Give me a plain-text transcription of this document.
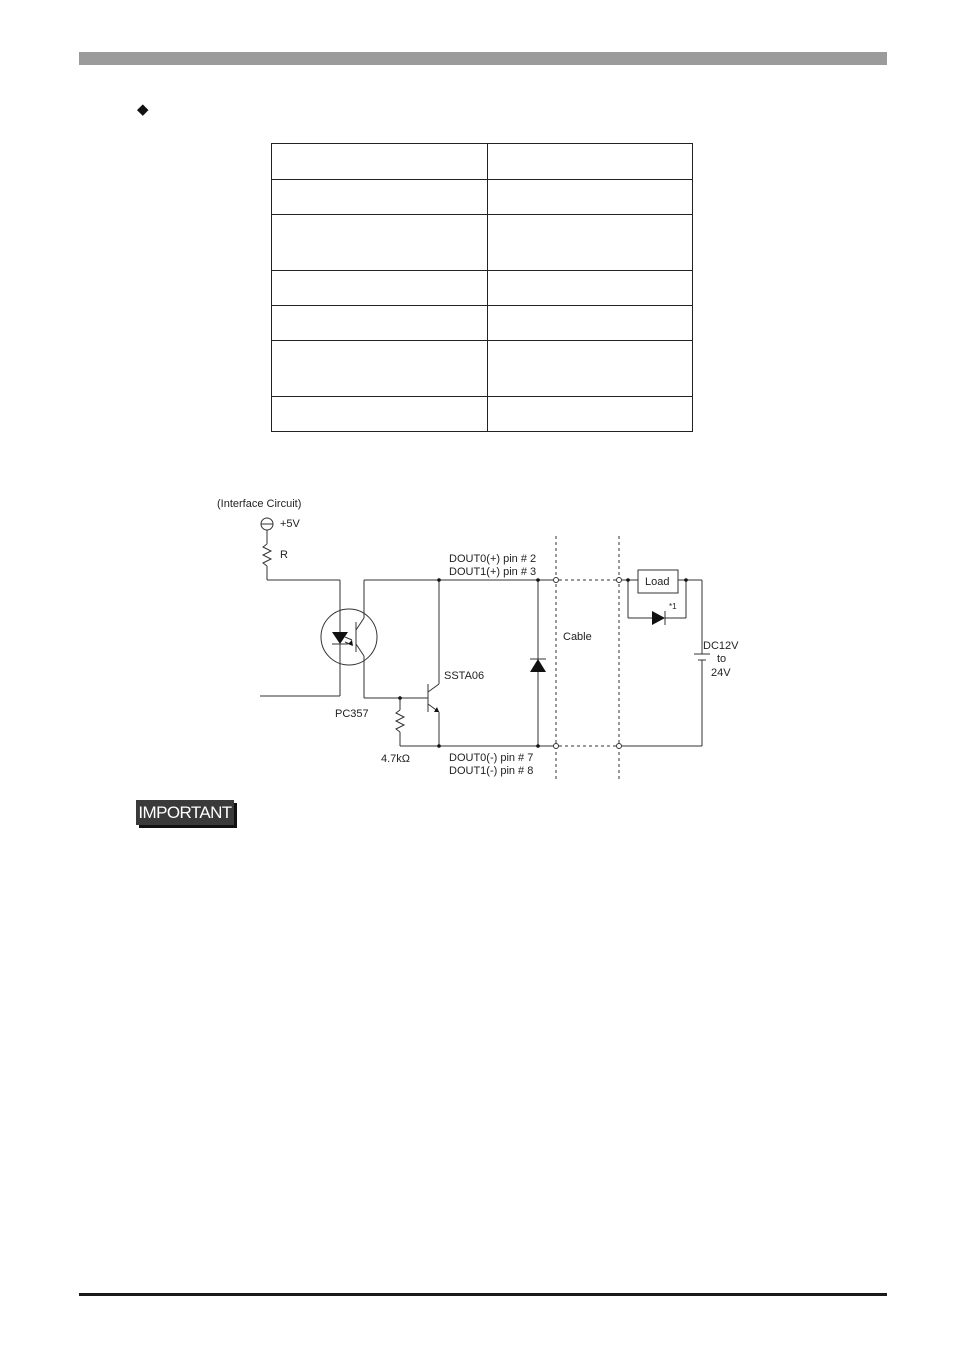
◆

(Interface Circuit)
+5V
R
PC357
SSTA06
4.7kΩ
DOUT0(+) pin # 2
DOUT1(+) pin # 3
DOUT0(-) pin # 7
DOUT1(-) pin # 8
Cable
Load
*1
DC12V
to
24V
IMPORTANT
